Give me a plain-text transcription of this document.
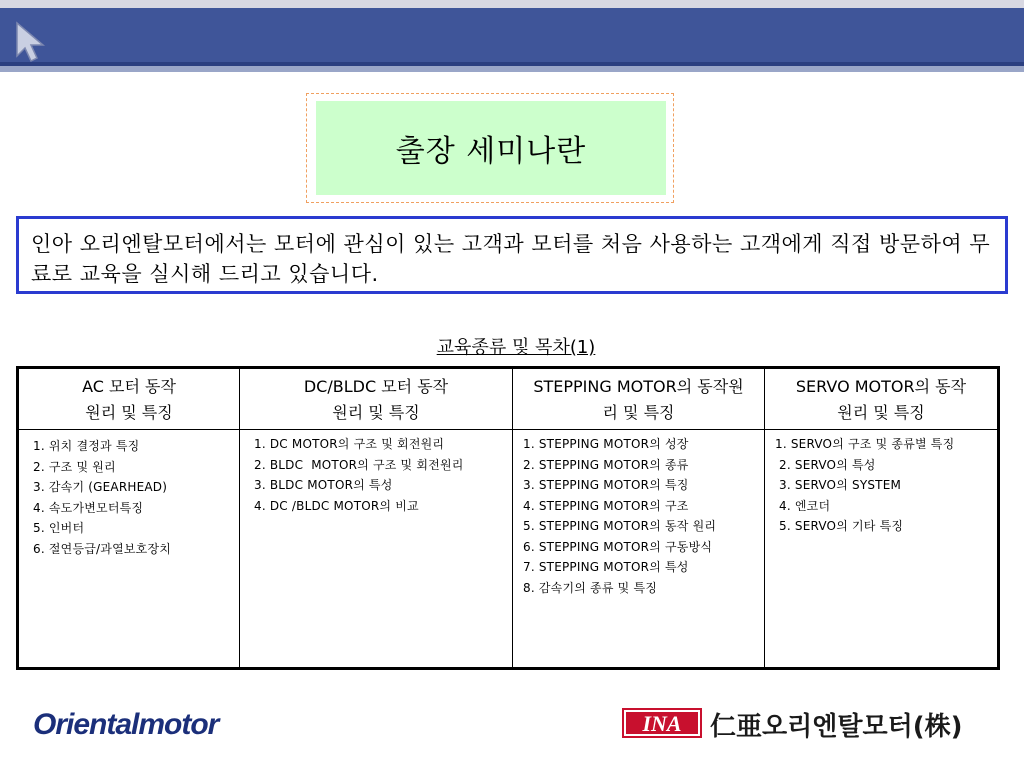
출장 세미나란
인아 오리엔탈모터에서는 모터에 관심이 있는 고객과 모터를 처음 사용하는 고객에게 직접 방문하여 무료로 교육을 실시해 드리고 있습니다.
교육종류 및 목차(1)
AC 모터 동작
원리 및 특징
DC/BLDC 모터 동작
원리 및 특징
STEPPING MOTOR의 동작원리 및 특징
SERVO MOTOR의 동작
원리 및 특징
1. 위치 결정과 특징
2. 구조 및 원리
3. 감속기 (GEARHEAD)
4. 속도가변모터특징
5. 인버터
6. 절연등급/과열보호장치
1. DC MOTOR의 구조 및 회전원리
2. BLDC  MOTOR의 구조 및 회전원리
3. BLDC MOTOR의 특성
4. DC /BLDC MOTOR의 비교
1. STEPPING MOTOR의 성장
2. STEPPING MOTOR의 종류
3. STEPPING MOTOR의 특징
4. STEPPING MOTOR의 구조
5. STEPPING MOTOR의 동작 원리
6. STEPPING MOTOR의 구동방식
7. STEPPING MOTOR의 특성
8. 감속기의 종류 및 특징
1. SERVO의 구조 및 종류별 특징
2. SERVO의 특성
3. SERVO의 SYSTEM
4. 엔코더
5. SERVO의 기타 특징
Orientalmotor	INA 仁亜오리엔탈모터(株)
